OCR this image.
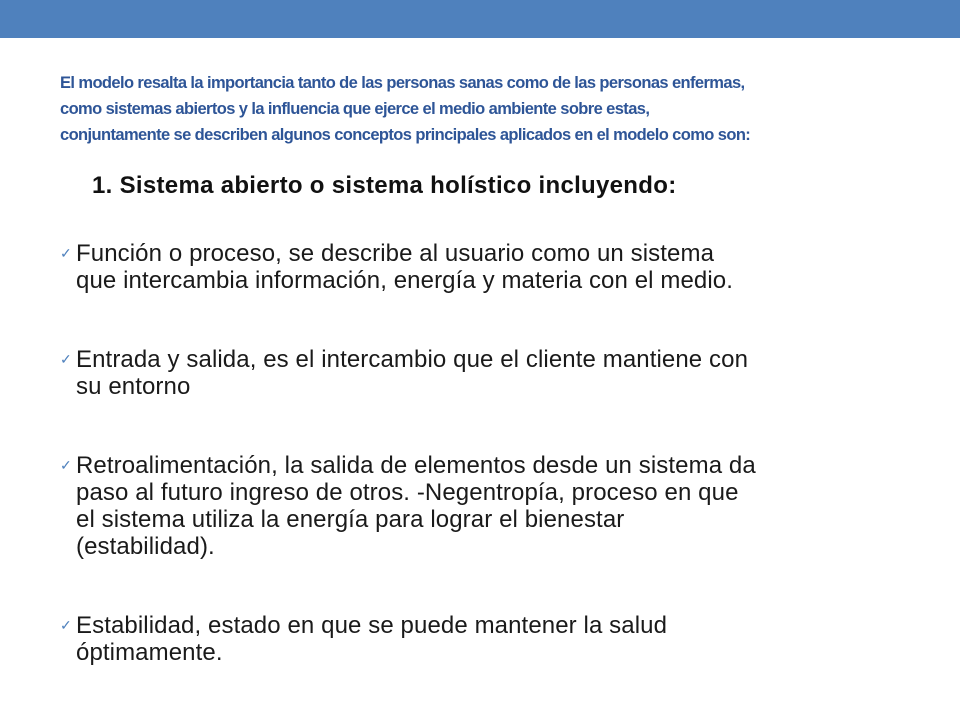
El modelo resalta la importancia tanto de las personas sanas como de las personas enfermas,
como sistemas abiertos y la influencia que ejerce el medio ambiente sobre estas,
conjuntamente se describen algunos conceptos principales aplicados en el modelo como son:

1. Sistema abierto o sistema holístico incluyendo:
✓ Función o proceso, se describe al usuario como un sistema
que intercambia información, energía y materia con el medio.
✓ Entrada y salida, es el intercambio que el cliente mantiene con
su entorno
✓ Retroalimentación, la salida de elementos desde un sistema da
paso al futuro ingreso de otros. -Negentropía, proceso en que
el sistema utiliza la energía para lograr el bienestar
(estabilidad).
✓ Estabilidad, estado en que se puede mantener la salud
óptimamente.
